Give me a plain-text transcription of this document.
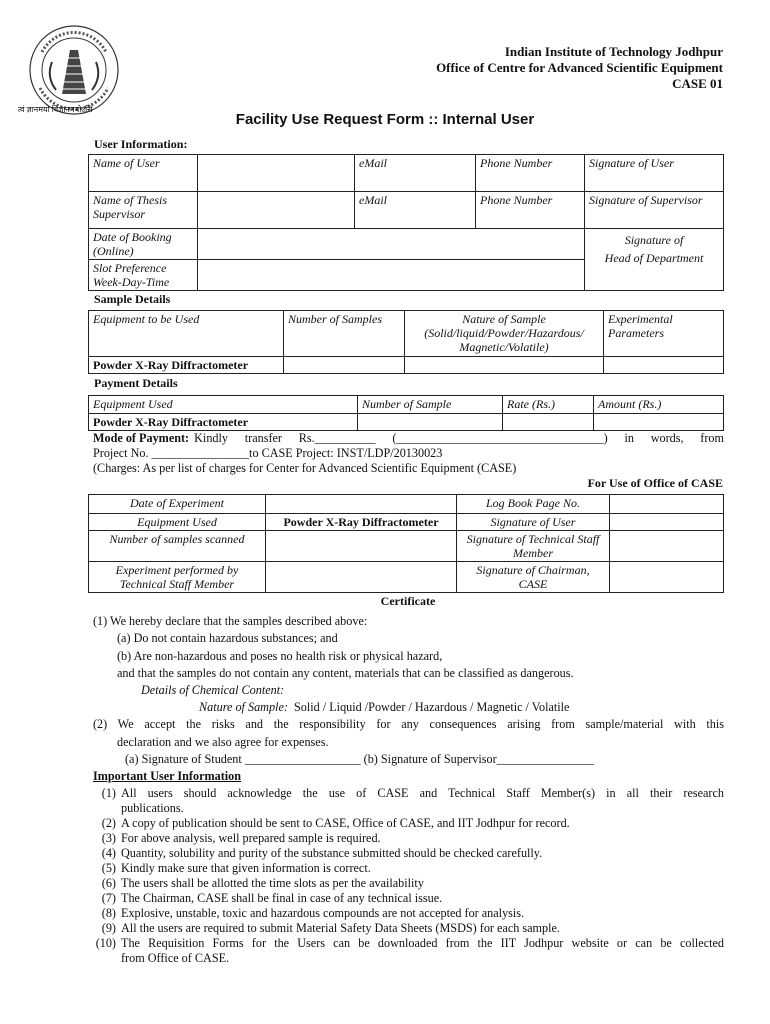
त्वं ज्ञानमयो विज्ञानमयोऽसि
Indian Institute of Technology Jodhpur
Office of Centre for Advanced Scientific Equipment
CASE 01
Facility Use Request Form :: Internal User
User Information:
Name of User		eMail	Phone Number	Signature of User
Name of Thesis Supervisor		eMail	Phone Number	Signature of Supervisor
Date of Booking (Online)				Signature of
Head of Department

Slot Preference Week-Day-Time				
Sample Details
Equipment to be Used	Number of Samples	Nature of Sample (Solid/liquid/Powder/Hazardous/ Magnetic/Volatile)	Experimental Parameters
Powder X-Ray Diffractometer			
Payment Details
Equipment Used	Number of Sample	Rate (Rs.)	Amount (Rs.)
Powder X-Ray Diffractometer			
Mode of Payment: Kindly transfer Rs.__________ (__________________________________) in words, from
Project No. ________________to CASE Project: INST/LDP/20130023
(Charges: As per list of charges for Center for Advanced Scientific Equipment (CASE)
For Use of Office of CASE
Date of Experiment		Log Book Page No.	
Equipment Used	Powder X-Ray Diffractometer	Signature of User	
Number of samples scanned		Signature of Technical Staff Member	
Experiment performed by Technical Staff Member		Signature of Chairman, CASE	
Certificate
(1) We hereby declare that the samples described above:
(a) Do not contain hazardous substances; and
(b) Are non-hazardous and poses no health risk or physical hazard,
and that the samples do not contain any content, materials that can be classified as dangerous.
Details of Chemical Content:
Nature of Sample: Solid / Liquid /Powder / Hazardous / Magnetic / Volatile
(2) We accept the risks and the responsibility for any consequences arising from sample/material with this
declaration and we also agree for expenses.
(a) Signature of Student ___________________ (b) Signature of Supervisor________________
Important User Information
(1) All users should acknowledge the use of CASE and Technical Staff Member(s) in all their research
publications.
(2) A copy of publication should be sent to CASE, Office of CASE, and IIT Jodhpur for record.
(3) For above analysis, well prepared sample is required.
(4) Quantity, solubility and purity of the substance submitted should be checked carefully.
(5) Kindly make sure that given information is correct.
(6) The users shall be allotted the time slots as per the availability
(7) The Chairman, CASE shall be final in case of any technical issue.
(8) Explosive, unstable, toxic and hazardous compounds are not accepted for analysis.
(9) All the users are required to submit Material Safety Data Sheets (MSDS) for each sample.
(10) The Requisition Forms for the Users can be downloaded from the IIT Jodhpur website or can be collected
from Office of CASE.
